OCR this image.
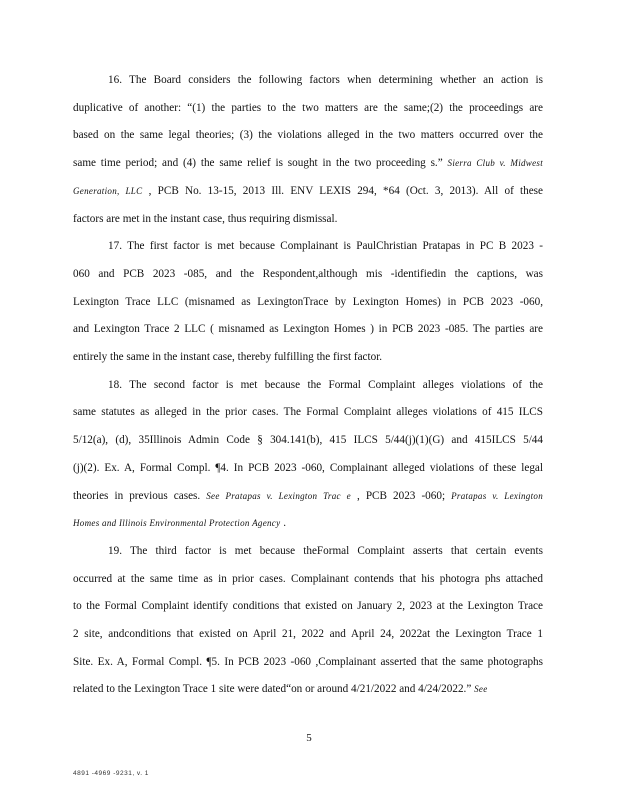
16. The Board considers the following factors when determining whether an action is
duplicative of another: “(1) the parties to the two matters are the same;(2) the proceedings are
based on the same legal theories; (3) the violations alleged in the two matters occurred over the
same time period; and (4) the same relief is sought in the two proceeding s.” Sierra Club v. Midwest
Generation, LLC , PCB No. 13-15, 2013 Ill. ENV LEXIS 294, *64 (Oct. 3, 2013). All of these
factors are met in the instant case, thus requiring dismissal.
17. The first factor is met because Complainant is PaulChristian Pratapas in PC B 2023 -
060 and PCB 2023 -085, and the Respondent,although mis -identifiedin the captions, was
Lexington Trace LLC (misnamed as LexingtonTrace by Lexington Homes) in PCB 2023 -060,
and Lexington Trace 2 LLC ( misnamed as Lexington Homes ) in PCB 2023 -085. The parties are
entirely the same in the instant case, thereby fulfilling the first factor.
18. The second factor is met because the Formal Complaint alleges violations of the
same statutes as alleged in the prior cases. The Formal Complaint alleges violations of 415 ILCS
5/12(a), (d), 35Illinois Admin Code § 304.141(b), 415 ILCS 5/44(j)(1)(G) and 415ILCS 5/44
(j)(2). Ex. A, Formal Compl. ¶4. In PCB 2023 -060, Complainant alleged violations of these legal
theories in previous cases. See Pratapas v. Lexington Trac e , PCB 2023 -060; Pratapas v. Lexington
Homes and Illinois Environmental Protection Agency .
19. The third factor is met because theFormal Complaint asserts that certain events
occurred at the same time as in prior cases. Complainant contends that his photogra phs attached
to the Formal Complaint identify conditions that existed on January 2, 2023 at the Lexington Trace
2 site, andconditions that existed on April 21, 2022 and April 24, 2022at the Lexington Trace 1
Site. Ex. A, Formal Compl. ¶5. In PCB 2023 -060 ,Complainant asserted that the same photographs
related to the Lexington Trace 1 site were dated“on or around 4/21/2022 and 4/24/2022.” See
5
4891 -4969 -9231, v. 1
